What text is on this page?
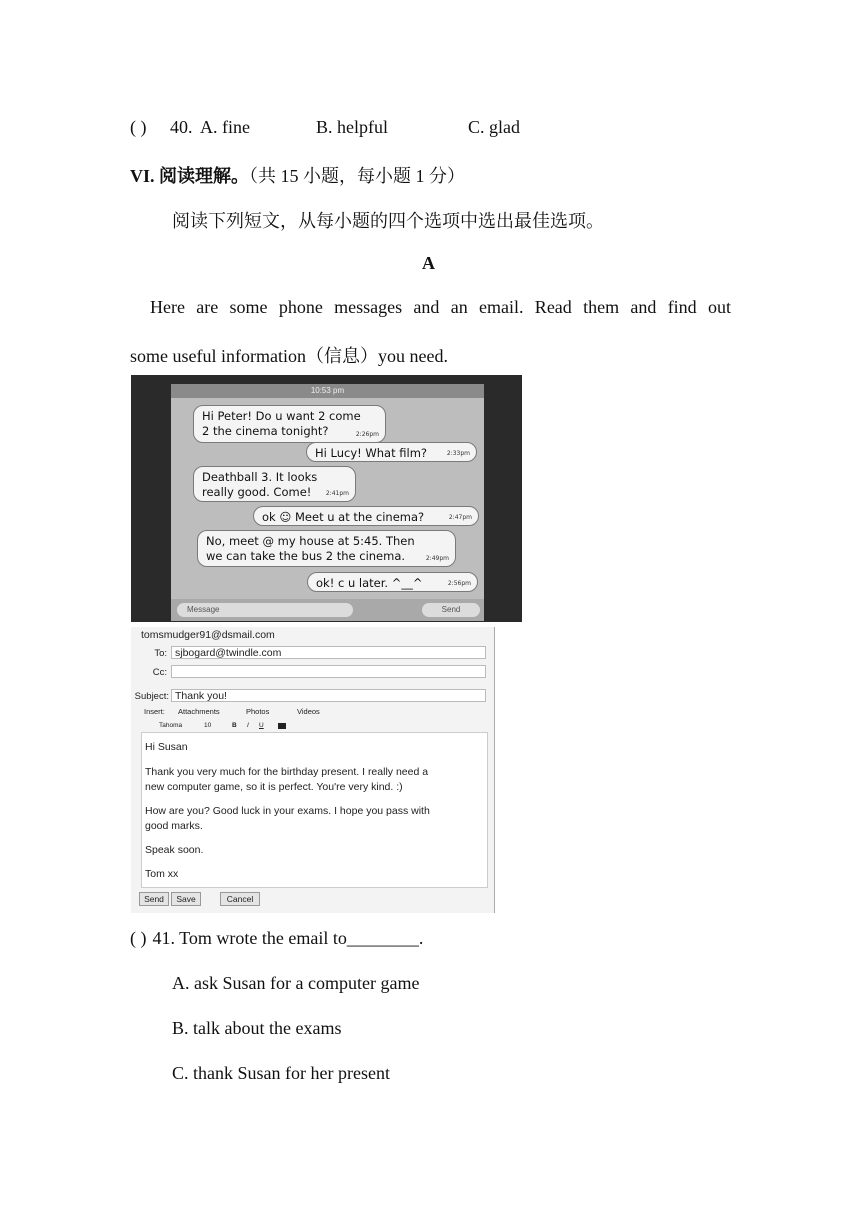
( ) 40. A. fine	B. helpful	C. glad
VI. 阅读理解。（共 15 小题，每小题 1 分）
阅读下列短文，从每小题的四个选项中选出最佳选项。
A
Here are some phone messages and an email. Read them and find out
some useful information（信息）you need.
10:53 pm
Hi Peter! Do u want 2 come
2 the cinema tonight?	2:26pm
Hi Lucy! What film?	2:33pm
Deathball 3. It looks
really good. Come!	2:41pm
ok ☺ Meet u at the cinema?	2:47pm
No, meet @ my house at 5:45. Then
we can take the bus 2 the cinema.	2:49pm
ok! c u later. ^__^	2:56pm
Message	Send
tomsmudger91@dsmail.com
To: sjbogard@twindle.com
Cc:
Subject: Thank you!
Insert: Attachments	Photos	Videos
Tahoma	10	B I U
Hi Susan
Thank you very much for the birthday present. I really need a
new computer game, so it is perfect. You're very kind. :)
How are you? Good luck in your exams. I hope you pass with
good marks.
Speak soon.
Tom xx
Send	Save	Cancel
( ) 41. Tom wrote the email to________.
A. ask Susan for a computer game
B. talk about the exams
C. thank Susan for her present
